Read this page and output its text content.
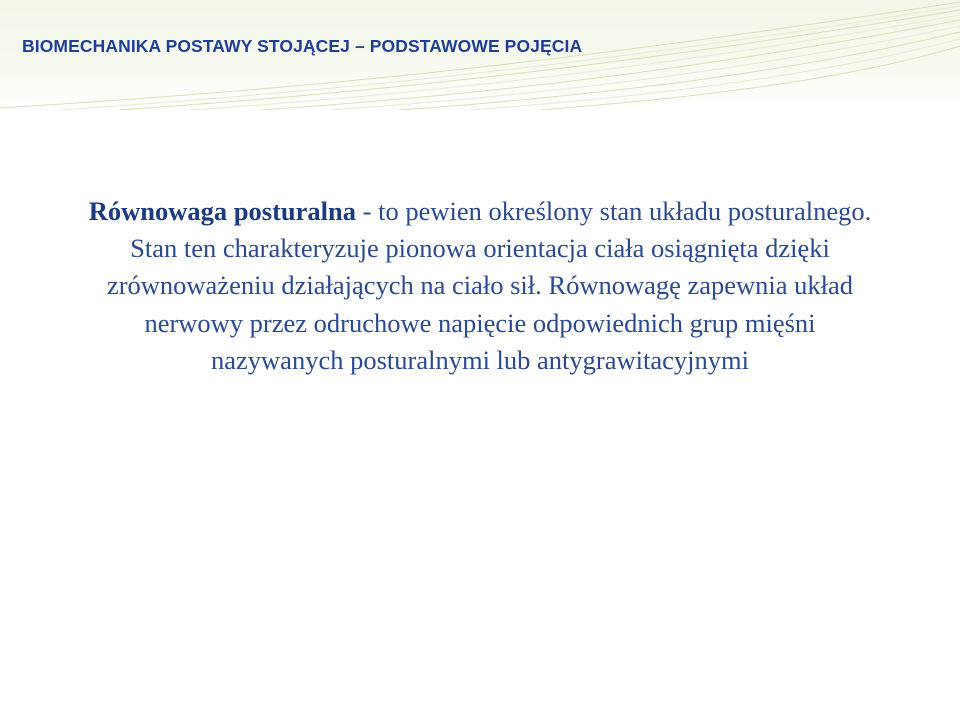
BIOMECHANIKA POSTAWY STOJĄCEJ – PODSTAWOWE POJĘCIA

Równowaga posturalna - to pewien określony stan układu posturalnego. Stan ten charakteryzuje pionowa orientacja ciała osiągnięta dzięki zrównoważeniu działających na ciało sił. Równowagę zapewnia układ nerwowy przez odruchowe napięcie odpowiednich grup mięśni nazywanych posturalnymi lub antygrawitacyjnymi
